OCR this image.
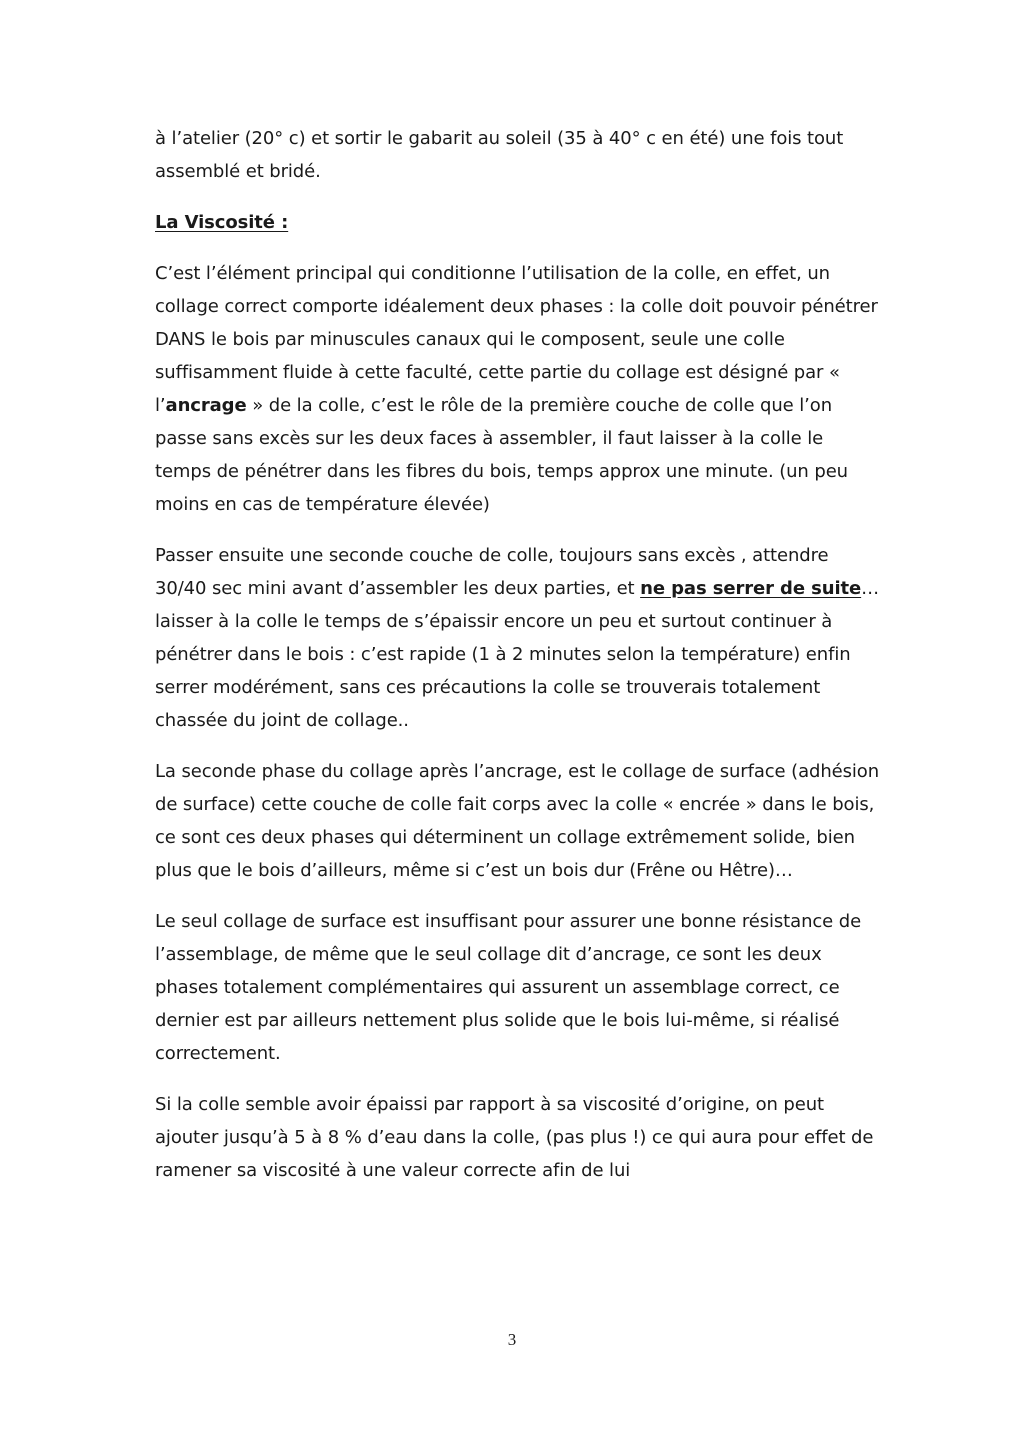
à l’atelier (20° c) et sortir le gabarit au soleil (35 à 40° c en été) une fois tout assemblé et bridé.

La Viscosité :

C’est l’élément principal qui conditionne l’utilisation de la colle, en effet, un collage correct comporte idéalement deux phases : la colle doit pouvoir pénétrer DANS le bois par minuscules canaux qui le composent, seule une colle suffisamment fluide à cette faculté, cette partie du collage est désigné par « l’ancrage » de la colle, c’est le rôle de la première couche de colle que l’on passe sans excès sur les deux faces à assembler, il faut laisser à la colle le temps de pénétrer dans les fibres du bois, temps approx une minute. (un peu moins en cas de température élevée)

Passer ensuite une seconde couche de colle, toujours sans excès , attendre 30/40 sec mini avant d’assembler les deux parties, et ne pas serrer de suite… laisser à la colle le temps de s’épaissir encore un peu et surtout continuer à pénétrer dans le bois : c’est rapide (1 à 2 minutes selon la température) enfin serrer modérément, sans ces précautions la colle se trouverais totalement chassée du joint de collage..

La seconde phase du collage après l’ancrage, est le collage de surface (adhésion de surface) cette couche de colle fait corps avec la colle « encrée » dans le bois, ce sont ces deux phases qui déterminent un collage extrêmement solide, bien plus que le bois d’ailleurs, même si c’est un bois dur (Frêne ou Hêtre)…

Le seul collage de surface est insuffisant pour assurer une bonne résistance de l’assemblage, de même que le seul collage dit d’ancrage, ce sont les deux phases totalement complémentaires qui assurent un assemblage correct, ce dernier est par ailleurs nettement plus solide que le bois lui-même, si réalisé correctement.

Si la colle semble avoir épaissi par rapport à sa viscosité d’origine, on peut ajouter jusqu’à 5 à 8 % d’eau dans la colle, (pas plus !) ce qui aura pour effet de ramener sa viscosité à une valeur correcte afin de lui

3
